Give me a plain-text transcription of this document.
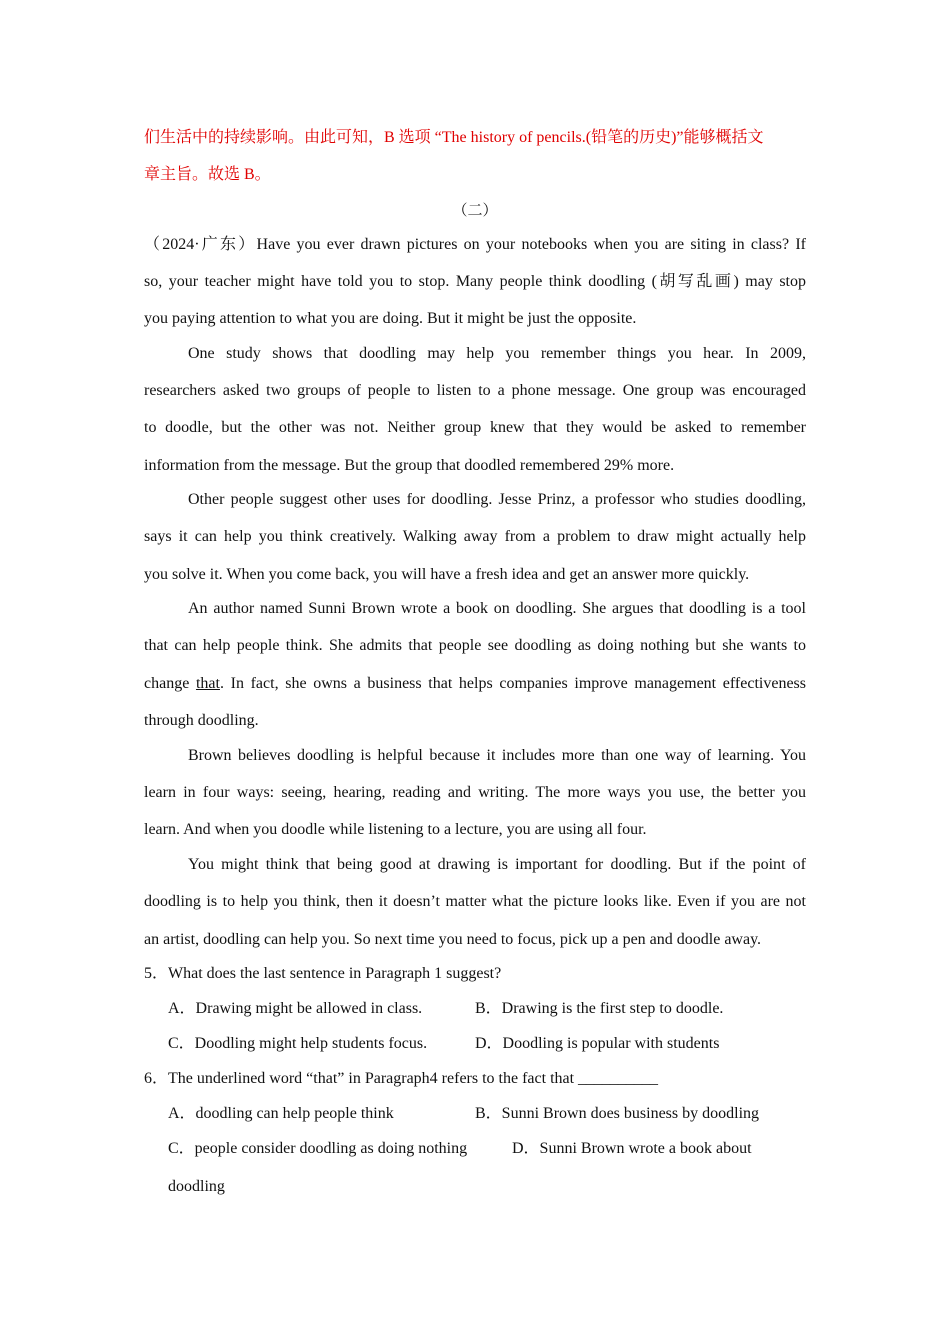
们生活中的持续影响。由此可知，B 选项 “The history of pencils.(铅笔的历史)”能够概括文
章主旨。故选 B。
（二）
（2024·广东）Have you ever drawn pictures on your notebooks when you are siting in class? If
so, your teacher might have told you to stop. Many people think doodling (胡写乱画) may stop
you paying attention to what you are doing. But it might be just the opposite.
One study shows that doodling may help you remember things you hear. In 2009,
researchers asked two groups of people to listen to a phone message. One group was encouraged
to doodle, but the other was not. Neither group knew that they would be asked to remember
information from the message. But the group that doodled remembered 29% more.
Other people suggest other uses for doodling. Jesse Prinz, a professor who studies doodling,
says it can help you think creatively. Walking away from a problem to draw might actually help
you solve it. When you come back, you will have a fresh idea and get an answer more quickly.
An author named Sunni Brown wrote a book on doodling. She argues that doodling is a tool
that can help people think. She admits that people see doodling as doing nothing but she wants to
change that. In fact, she owns a business that helps companies improve management effectiveness
through doodling.
Brown believes doodling is helpful because it includes more than one way of learning. You
learn in four ways: seeing, hearing, reading and writing. The more ways you use, the better you
learn. And when you doodle while listening to a lecture, you are using all four.
You might think that being good at drawing is important for doodling. But if the point of
doodling is to help you think, then it doesn’t matter what the picture looks like. Even if you are not
an artist, doodling can help you. So next time you need to focus, pick up a pen and doodle away.
5．What does the last sentence in Paragraph 1 suggest?
A．Drawing might be allowed in class.	B．Drawing is the first step to doodle.
C．Doodling might help students focus.	D．Doodling is popular with students
6．The underlined word “that” in Paragraph4 refers to the fact that __________
A．doodling can help people think	B．Sunni Brown does business by doodling
C．people consider doodling as doing nothing	D．Sunni Brown wrote a book about
doodling
